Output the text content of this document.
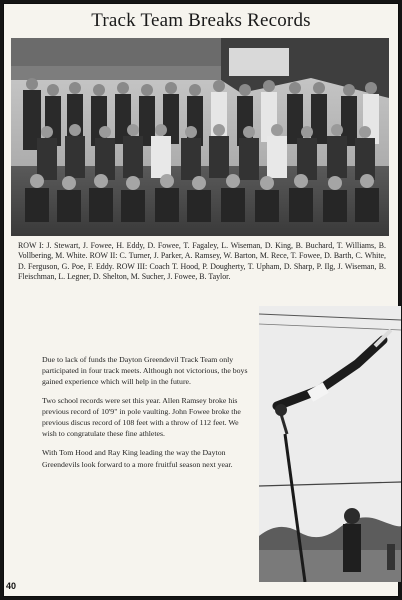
Track Team Breaks Records
ROW I: J. Stewart, J. Fowee, H. Eddy, D. Fowee, T. Fagaley, L. Wiseman, D. King, B. Buchard, T. Williams, B. Vollbering, M. White. ROW II: C. Turner, J. Parker, A. Ramsey, W. Barton, M. Rece, T. Fowee, D. Barth, C. White, D. Ferguson, G. Poe, F. Eddy. ROW III: Coach T. Hood, P. Dougherty, T. Upham, D. Sharp, P. Ilg, J. Wiseman, B. Fleischman, L. Legner, D. Shelton, M. Sucher, J. Fowee, B. Taylor.

Due to lack of funds the Dayton Greendevil Track Team only participated in four track meets. Although not victorious, the boys gained experience which will help in the future.

Two school records were set this year. Allen Ramsey broke his previous record of 10'9" in pole vaulting. John Fowee broke the previous discus record of 108 feet with a throw of 112 feet. We wish to congratulate these fine athletes.

With Tom Hood and Ray King leading the way the Dayton Greendevils look forward to a more fruitful season next year.

40
